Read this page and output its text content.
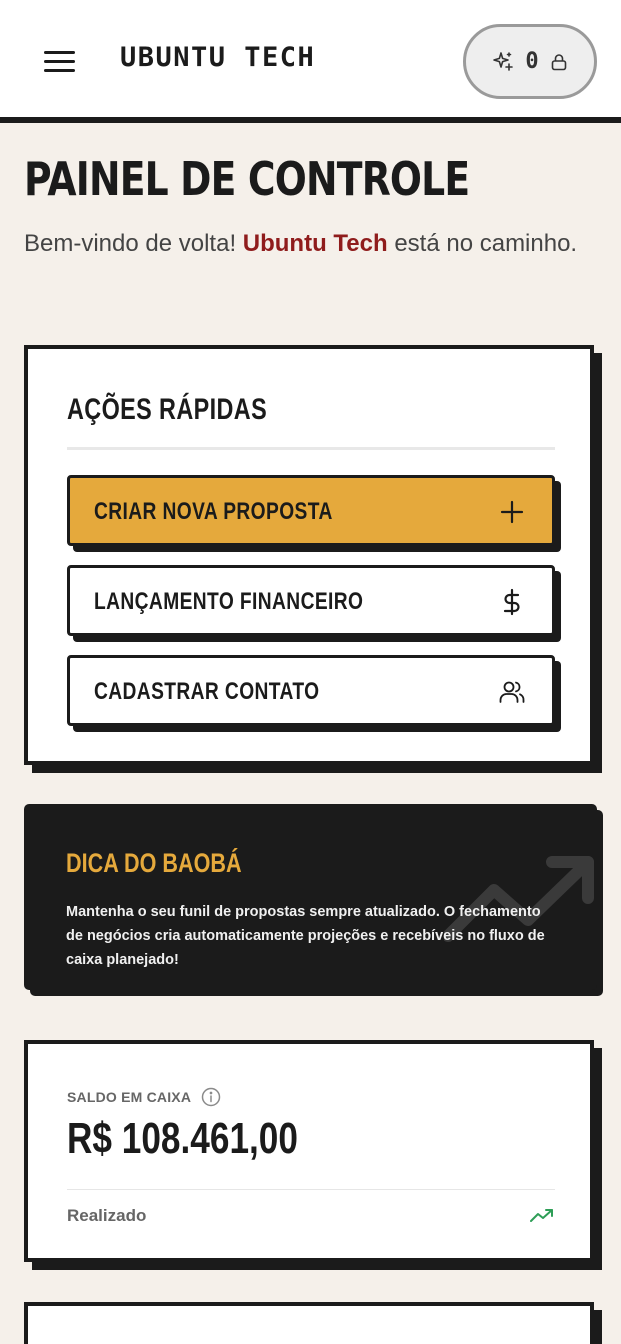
UBUNTU TECH	0
PAINEL DE CONTROLE

Bem-vindo de volta! Ubuntu Tech está no caminho.

AÇÕES RÁPIDAS
CRIAR NOVA PROPOSTA
LANÇAMENTO FINANCEIRO
CADASTRAR CONTATO
DICA DO BAOBÁ

Mantenha o seu funil de propostas sempre atualizado. O fechamento de negócios cria automaticamente projeções e recebíveis no fluxo de caixa planejado!

SALDO EM CAIXA
R$ 108.461,00
Realizado
